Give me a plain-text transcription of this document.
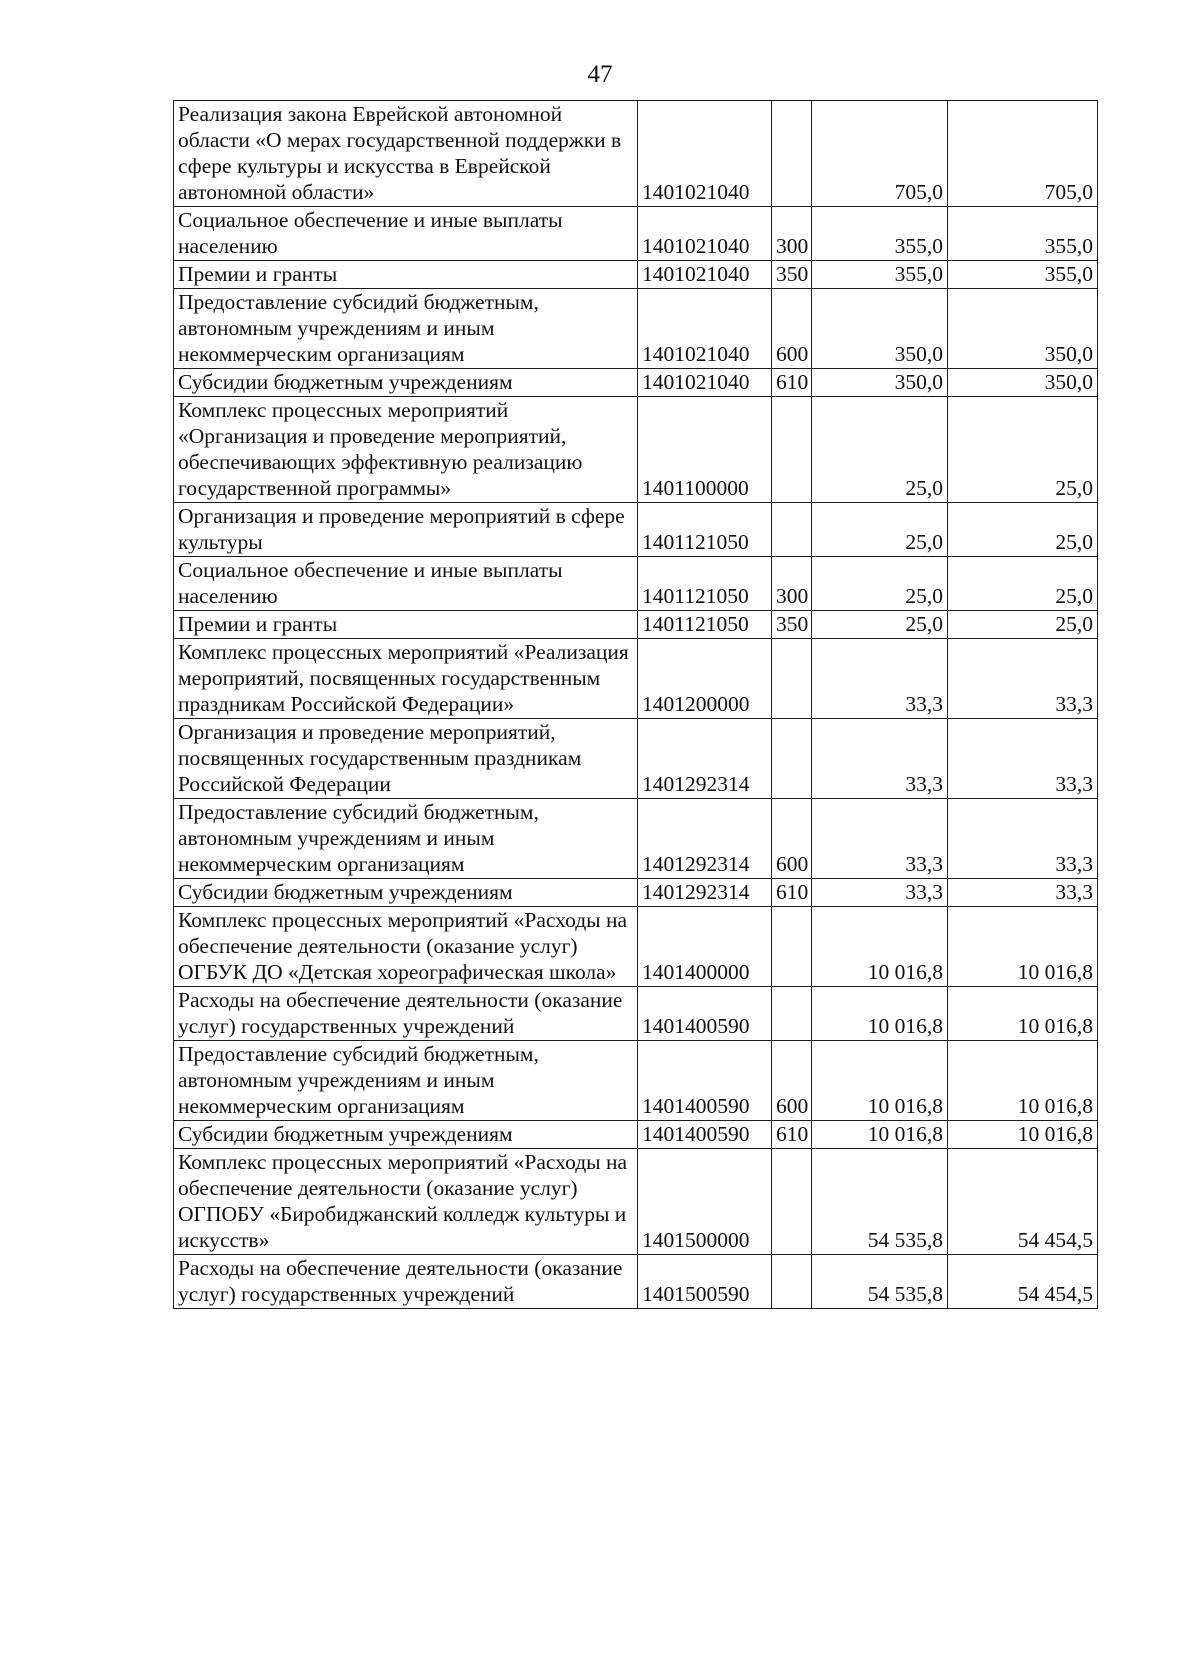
47
Реализация закона Еврейской автономной области «О мерах государственной поддержки в сфере культуры и искусства в Еврейской автономной области»	1401021040		705,0	705,0
Социальное обеспечение и иные выплаты населению	1401021040	300	355,0	355,0
Премии и гранты	1401021040	350	355,0	355,0
Предоставление субсидий бюджетным, автономным учреждениям и иным некоммерческим организациям	1401021040	600	350,0	350,0
Субсидии бюджетным учреждениям	1401021040	610	350,0	350,0
Комплекс процессных мероприятий «Организация и проведение мероприятий, обеспечивающих эффективную реализацию государственной программы»	1401100000		25,0	25,0
Организация и проведение мероприятий в сфере культуры	1401121050		25,0	25,0
Социальное обеспечение и иные выплаты населению	1401121050	300	25,0	25,0
Премии и гранты	1401121050	350	25,0	25,0
Комплекс процессных мероприятий «Реализация мероприятий, посвященных государственным праздникам Российской Федерации»	1401200000		33,3	33,3
Организация и проведение мероприятий, посвященных государственным праздникам Российской Федерации	1401292314		33,3	33,3
Предоставление субсидий бюджетным, автономным учреждениям и иным некоммерческим организациям	1401292314	600	33,3	33,3
Субсидии бюджетным учреждениям	1401292314	610	33,3	33,3
Комплекс процессных мероприятий «Расходы на обеспечение деятельности (оказание услуг) ОГБУК ДО «Детская хореографическая школа»	1401400000		10 016,8	10 016,8
Расходы на обеспечение деятельности (оказание услуг) государственных учреждений	1401400590		10 016,8	10 016,8
Предоставление субсидий бюджетным, автономным учреждениям и иным некоммерческим организациям	1401400590	600	10 016,8	10 016,8
Субсидии бюджетным учреждениям	1401400590	610	10 016,8	10 016,8
Комплекс процессных мероприятий «Расходы на обеспечение деятельности (оказание услуг) ОГПОБУ «Биробиджанский колледж культуры и искусств»	1401500000		54 535,8	54 454,5
Расходы на обеспечение деятельности (оказание услуг) государственных учреждений	1401500590		54 535,8	54 454,5
